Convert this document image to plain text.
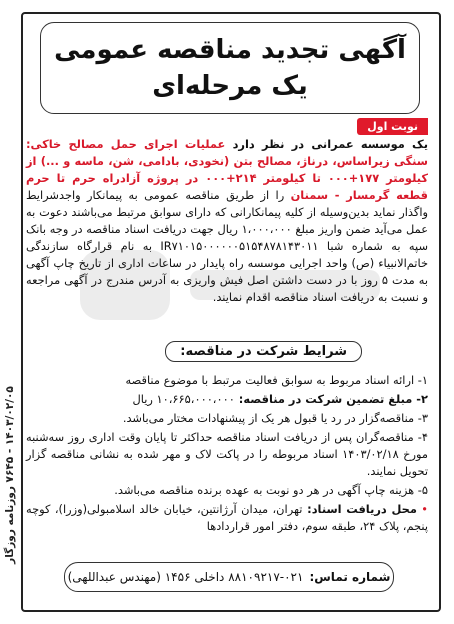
آگهی تجدید مناقصه عمومی
یک مرحله‌ای
نوبت اول
یک موسسه عمرانی در نظر دارد عملیات اجرای حمل مصالح خاکی: سنگی زیراساس، درناژ، مصالح بتن (نخودی، بادامی، شن، ماسه و ...) از کیلومتر ۱۷۷+۰۰۰ تا کیلومتر ۲۱۴+۰۰۰ در پروژه آزادراه حرم تا حرم قطعه گرمسار - سمنان را از طریق مناقصه عمومی به پیمانکار واجدشرایط واگذار نماید بدین‌وسیله از کلیه پیمانکارانی که دارای سوابق مرتبط می‌باشند دعوت به عمل می‌آید ضمن واریز مبلغ ۱،۰۰۰،۰۰۰ ریال جهت دریافت اسناد مناقصه در وجه بانک سپه به شماره شبا IR۷۱۰۱۵۰۰۰۰۰۰۵۱۵۴۸۷۸۱۴۳۰۱۱ به نام قرارگاه سازندگی خاتم‌الانبیاء (ص) واحد اجرایی موسسه راه پایدار در ساعات اداری از تاریخ چاپ آگهی به مدت ۵ روز با در دست داشتن اصل فیش واریزی به آدرس مندرج در آگهی مراجعه و نسبت به دریافت اسناد مناقصه اقدام نمایند.
شرایط شرکت در مناقصه:

۱- ارائه اسناد مربوط به سوابق فعالیت مرتبط با موضوع مناقصه

۲- مبلغ تضمین شرکت در مناقصه: ۱۰،۶۶۵،۰۰۰،۰۰۰ ریال

۳- مناقصه‌گزار در رد یا قبول هر یک از پیشنهادات مختار می‌باشد.

۴- مناقصه‌گران پس از دریافت اسناد مناقصه حداکثر تا پایان وقت اداری روز سه‌شنبه مورخ ۱۴۰۳/۰۲/۱۸ اسناد مربوطه را در پاکت لاک و مهر شده به نشانی مناقصه گزار تحویل نمایند.

۵- هزینه چاپ آگهی در هر دو نوبت به عهده برنده مناقصه می‌باشد.

• محل دریافت اسناد: تهران، میدان آرژانتین، خیابان خالد اسلامبولی(وزرا)، کوچه پنجم، پلاک ۲۴، طبقه سوم، دفتر امور قراردادها

شماره تماس:
۸۸۱۰۹۲۱۷-۰۲۱ داخلی ۱۴۵۶ (مهندس عبداللهی)
۱۴۰۳/۰۲/۰۵ - ۷۶۴۵ روزنامه روزگار
